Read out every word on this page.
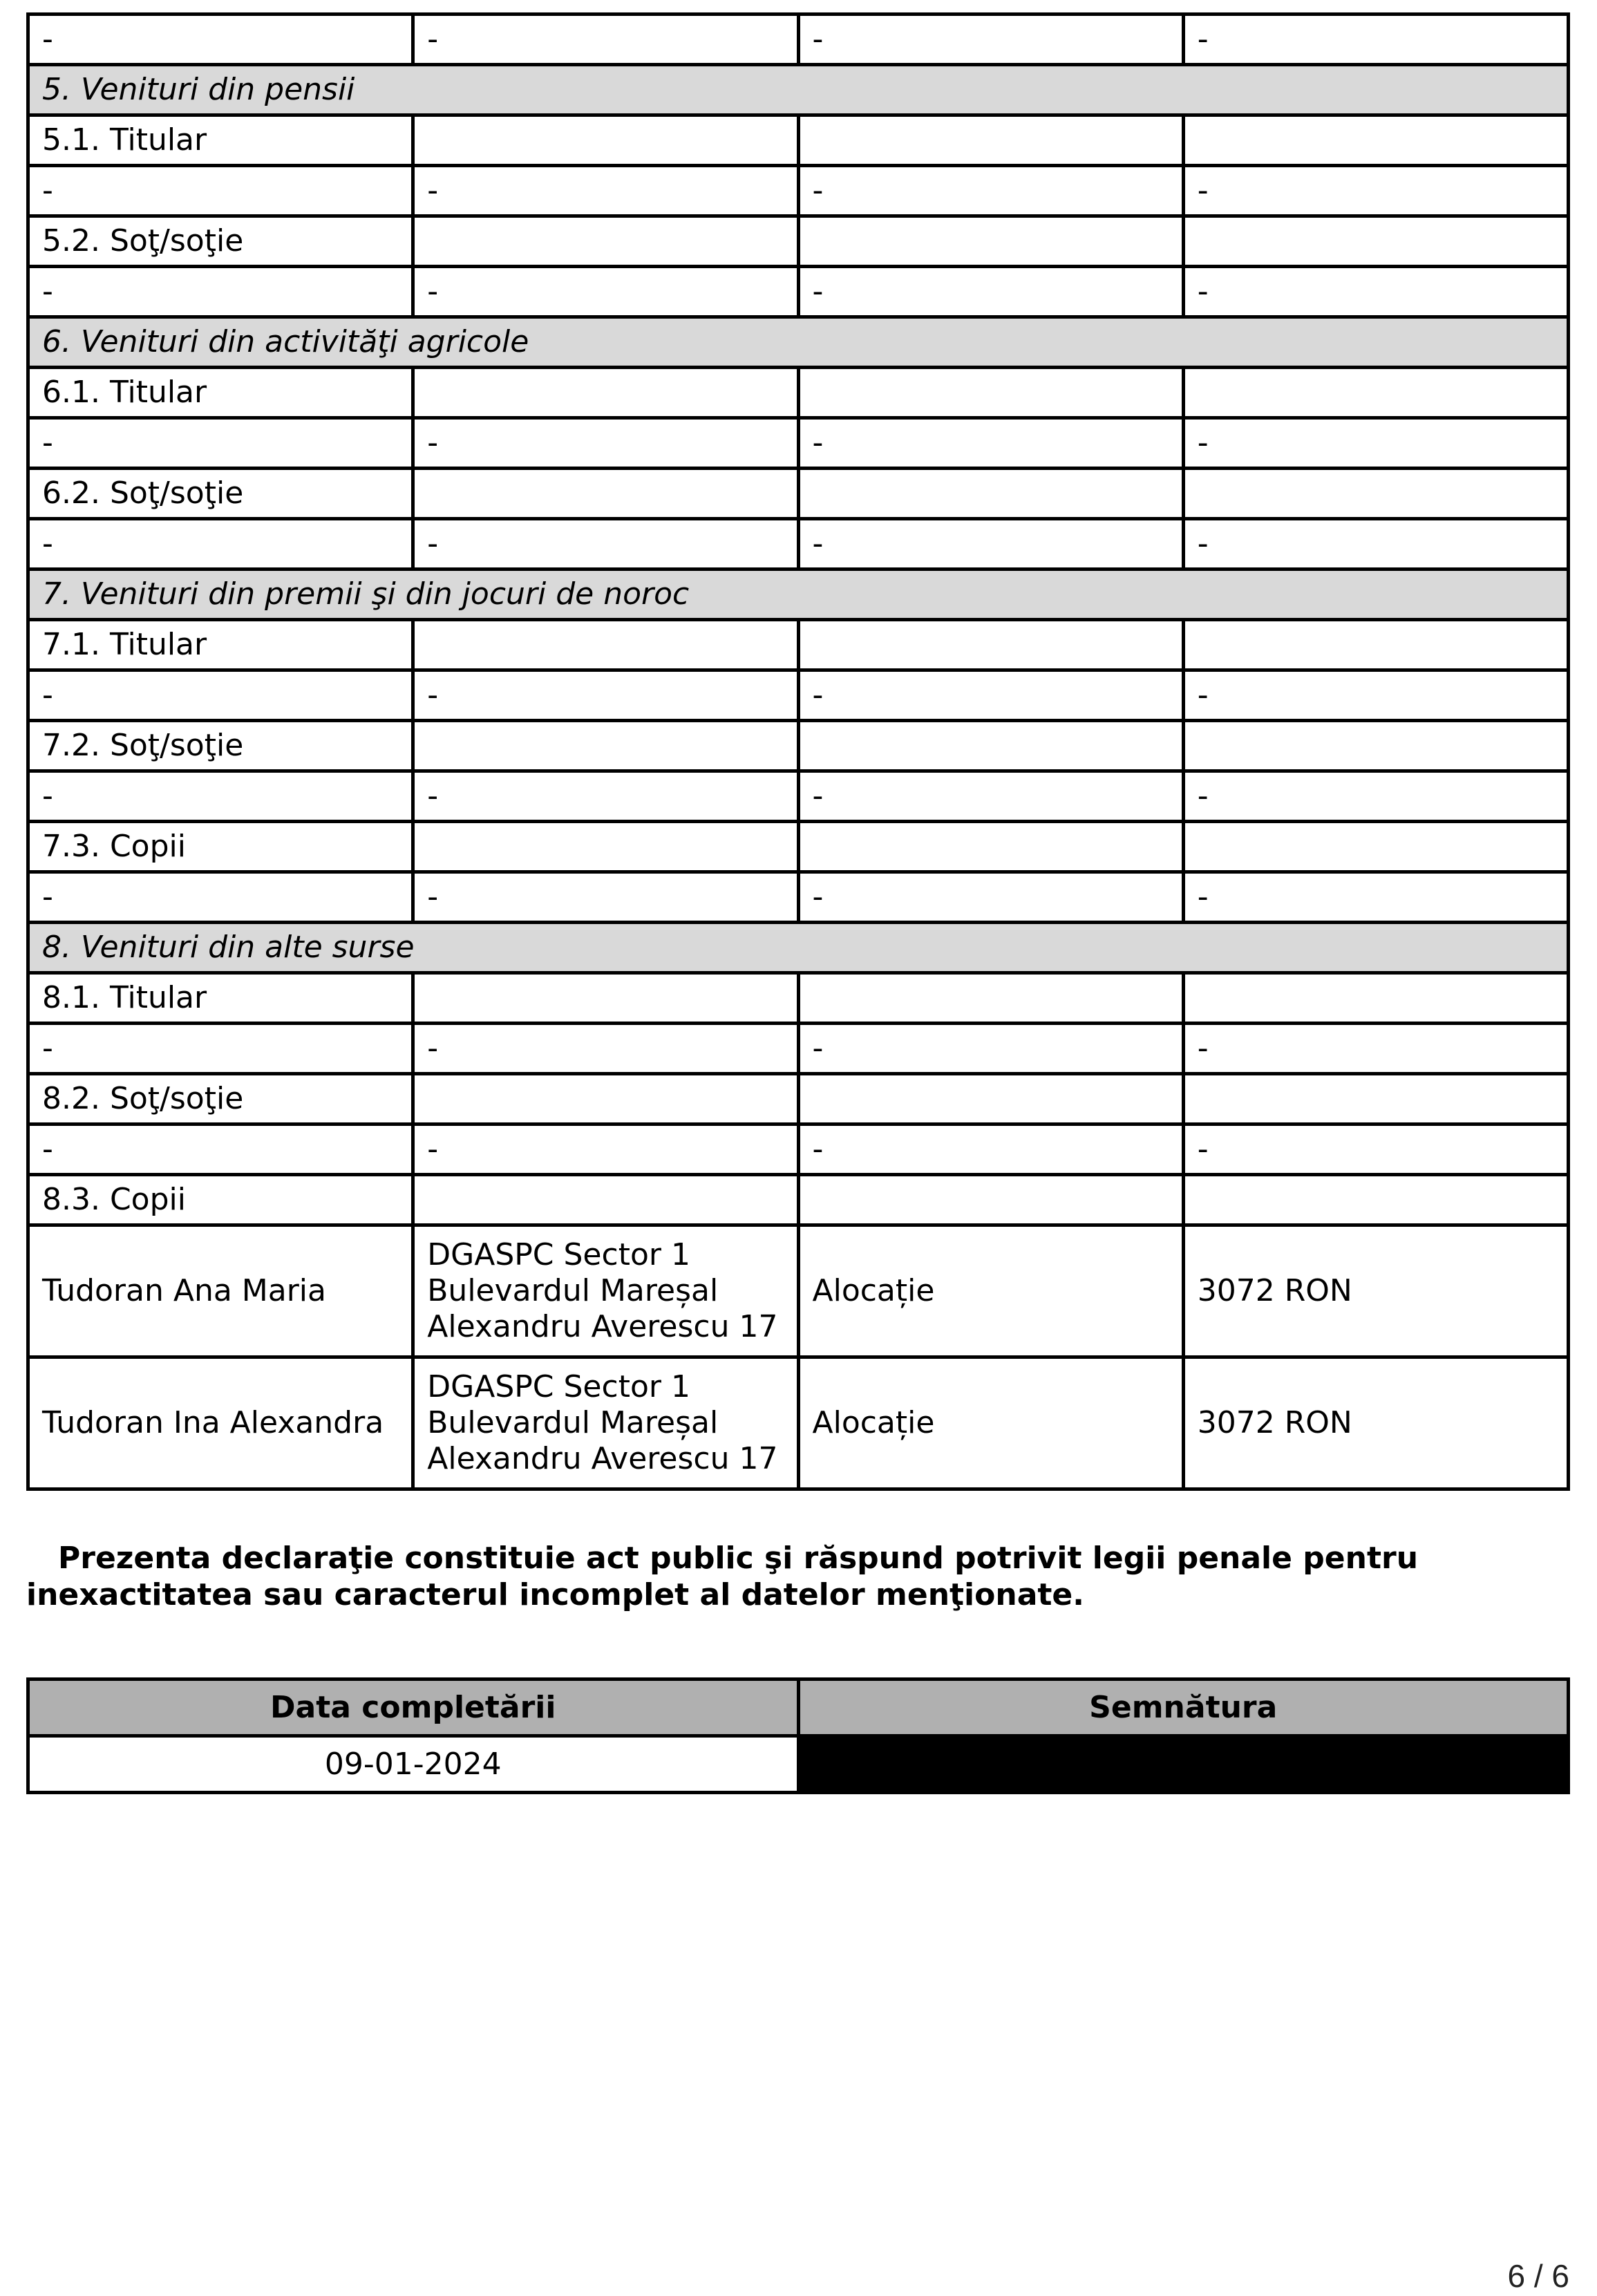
-	-	-	-
5. Venituri din pensii			
5.1. Titular			
-	-	-	-
5.2. Soţ/soţie			
-	-	-	-
6. Venituri din activităţi agricole			
6.1. Titular			
-	-	-	-
6.2. Soţ/soţie			
-	-	-	-
7. Venituri din premii şi din jocuri de noroc			
7.1. Titular			
-	-	-	-
7.2. Soţ/soţie			
-	-	-	-
7.3. Copii			
-	-	-	-
8. Venituri din alte surse			
8.1. Titular			
-	-	-	-
8.2. Soţ/soţie			
-	-	-	-
8.3. Copii			
Tudoran Ana Maria	DGASPC Sector 1
Bulevardul Mareșal
Alexandru Averescu 17	Alocație	3072 RON
Tudoran Ina Alexandra	DGASPC Sector 1
Bulevardul Mareșal
Alexandru Averescu 17	Alocație	3072 RON
Prezenta declaraţie constituie act public şi răspund potrivit legii penale pentru inexactitatea sau caracterul incomplet al datelor menţionate.
Data completării	Semnătura
09-01-2024	
6 / 6
